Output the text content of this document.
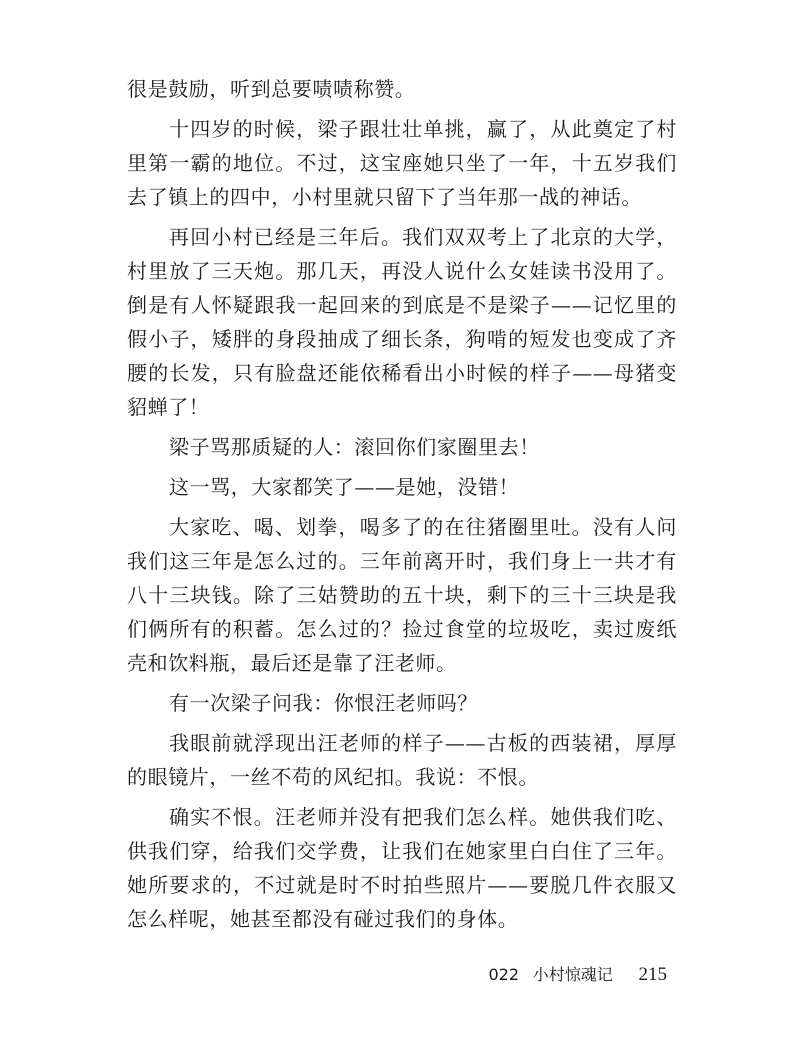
很是鼓励，听到总要啧啧称赞。

十四岁的时候，梁子跟壮壮单挑，赢了，从此奠定了村里第一霸的地位。不过，这宝座她只坐了一年，十五岁我们去了镇上的四中，小村里就只留下了当年那一战的神话。

再回小村已经是三年后。我们双双考上了北京的大学，村里放了三天炮。那几天，再没人说什么女娃读书没用了。倒是有人怀疑跟我一起回来的到底是不是梁子——记忆里的假小子，矮胖的身段抽成了细长条，狗啃的短发也变成了齐腰的长发，只有脸盘还能依稀看出小时候的样子——母猪变貂蝉了！

梁子骂那质疑的人：滚回你们家圈里去！

这一骂，大家都笑了——是她，没错！

大家吃、喝、划拳，喝多了的在往猪圈里吐。没有人问我们这三年是怎么过的。三年前离开时，我们身上一共才有八十三块钱。除了三姑赞助的五十块，剩下的三十三块是我们俩所有的积蓄。怎么过的？捡过食堂的垃圾吃，卖过废纸壳和饮料瓶，最后还是靠了汪老师。

有一次梁子问我：你恨汪老师吗？

我眼前就浮现出汪老师的样子——古板的西装裙，厚厚的眼镜片，一丝不苟的风纪扣。我说：不恨。

确实不恨。汪老师并没有把我们怎么样。她供我们吃、供我们穿，给我们交学费，让我们在她家里白白住了三年。她所要求的，不过就是时不时拍些照片——要脱几件衣服又怎么样呢，她甚至都没有碰过我们的身体。

022 小村惊魂记 215
